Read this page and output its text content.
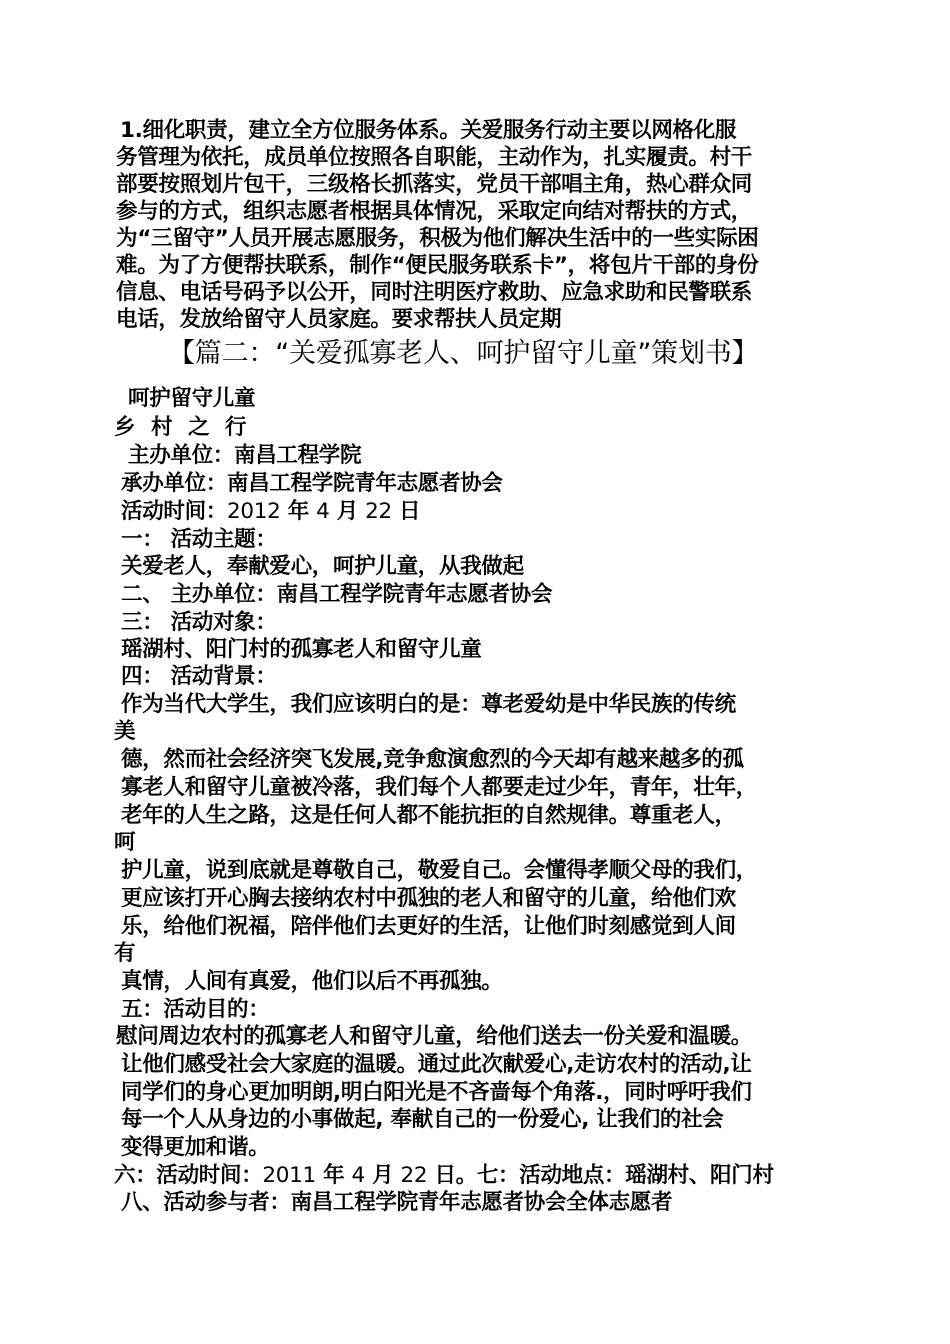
1.细化职责，建立全方位服务体系。关爱服务行动主要以网格化服
务管理为依托，成员单位按照各自职能，主动作为，扎实履责。村干
部要按照划片包干，三级格长抓落实，党员干部唱主角，热心群众同
参与的方式，组织志愿者根据具体情况，采取定向结对帮扶的方式，
为“三留守”人员开展志愿服务，积极为他们解决生活中的一些实际困
难。为了方便帮扶联系，制作“便民服务联系卡”，将包片干部的身份
信息、电话号码予以公开，同时注明医疗救助、应急求助和民警联系
电话，发放给留守人员家庭。要求帮扶人员定期
【篇二：“关爱孤寡老人、呵护留守儿童”策划书】
呵护留守儿童
乡 村 之 行
主办单位：南昌工程学院
承办单位：南昌工程学院青年志愿者协会
活动时间：2012 年 4 月 22 日
一： 活动主题：
关爱老人，奉献爱心，呵护儿童，从我做起
二、 主办单位：南昌工程学院青年志愿者协会
三： 活动对象：
瑶湖村、阳门村的孤寡老人和留守儿童
四： 活动背景：
作为当代大学生，我们应该明白的是：尊老爱幼是中华民族的传统
美
德，然而社会经济突飞发展,竞争愈演愈烈的今天却有越来越多的孤
寡老人和留守儿童被冷落，我们每个人都要走过少年，青年，壮年，
老年的人生之路，这是任何人都不能抗拒的自然规律。尊重老人，
呵
护儿童，说到底就是尊敬自己，敬爱自己。会懂得孝顺父母的我们，
更应该打开心胸去接纳农村中孤独的老人和留守的儿童，给他们欢
乐，给他们祝福，陪伴他们去更好的生活，让他们时刻感觉到人间
有
真情，人间有真爱，他们以后不再孤独。
五：活动目的：
慰问周边农村的孤寡老人和留守儿童，给他们送去一份关爱和温暖。
让他们感受社会大家庭的温暖。通过此次献爱心,走访农村的活动,让
同学们的身心更加明朗,明白阳光是不吝啬每个角落.，同时呼吁我们
每一个人从身边的小事做起, 奉献自己的一份爱心, 让我们的社会
变得更加和谐。
六：活动时间：2011 年 4 月 22 日。七：活动地点：瑶湖村、阳门村
八、活动参与者：南昌工程学院青年志愿者协会全体志愿者
